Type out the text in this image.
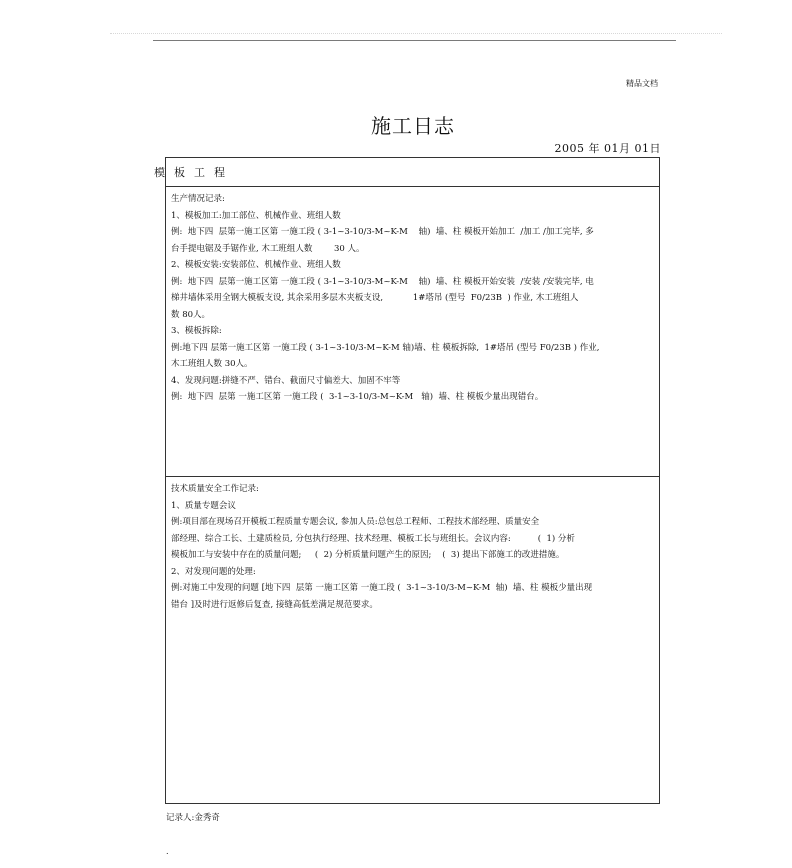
精品文档
施工日志
2005 年 01月 01日
模板工程
生产情况记录:
1、模板加工:加工部位、机械作业、班组人数
例:  地下四  层第一施工区第 一施工段 ( 3-1~3-10/3-M~K-M    轴)  墙、柱 模板开始加工  /加工 /加工完毕, 多
台手提电锯及手锯作业, 木工班组人数        30 人。
2、模板安装:安装部位、机械作业、班组人数
例:  地下四  层第一施工区第 一施工段 ( 3-1~3-10/3-M~K-M    轴)  墙、柱 模板开始安装  /安装 /安装完毕, 电
梯井墙体采用全钢大模板支设, 其余采用多层木夹板支设,           1#塔吊 (型号  F0/23B  ) 作业, 木工班组人
数 80人。
3、模板拆除:
例:地下四 层第一施工区第 一施工段 ( 3-1~3-10/3-M~K-M 轴)墙、柱 模板拆除,  1#塔吊 (型号 F0/23B ) 作业,
木工班组人数 30人。
4、发现问题:拼缝不严、错台、截面尺寸偏差大、加固不牢等
例:  地下四  层第 一施工区第 一施工段 (  3-1~3-10/3-M~K-M   轴)  墙、柱 模板少量出现错台。
技术质量安全工作记录:
1、质量专题会议
例:项目部在现场召开模板工程质量专题会议, 参加人员:总包总工程师、工程技术部经理、质量安全
部经理、综合工长、土建质检员, 分包执行经理、技术经理、模板工长与班组长。会议内容:          (  1) 分析
模板加工与安装中存在的质量问题;     (  2) 分析质量问题产生的原因;    (  3) 提出下部施工的改进措施。
2、对发现问题的处理:
例:对施工中发现的问题 [地下四  层第 一施工区第 一施工段 (  3-1~3-10/3-M~K-M  轴)  墙、柱 模板少量出现
错台 ]及时进行返修后复查, 接缝高低差满足规范要求。
记录人:金秀奇
.
